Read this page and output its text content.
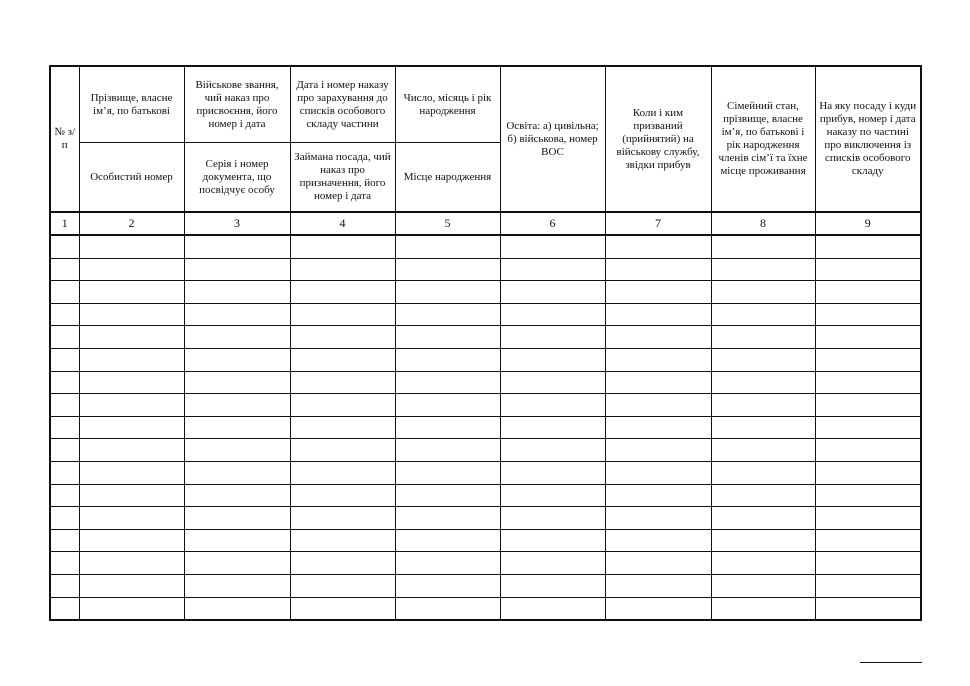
№ з/п	Прізвище, власне ім’я, по батькові	Військове звання, чий наказ про присвоєння, його номер і дата	Дата і номер наказу про зарахування до списків особового складу частини	Число, місяць і рік народження	Освіта: а) цивільна; б) військова, номер ВОС	Коли і ким призваний (прийнятий) на військову службу, звідки прибув	Сімейний стан, прізвище, власне ім’я, по батькові і рік народження членів сім’ї та їхне місце проживання	На яку посаду і куди прибув, номер і дата наказу по частині про виключення із списків особового складу
	Особистий номер	Серія і номер документа, що посвідчує особу	Займана посада, чий наказ про призначення, його номер і дата	Місце народження				
1	2	3	4	5	6	7	8	9
